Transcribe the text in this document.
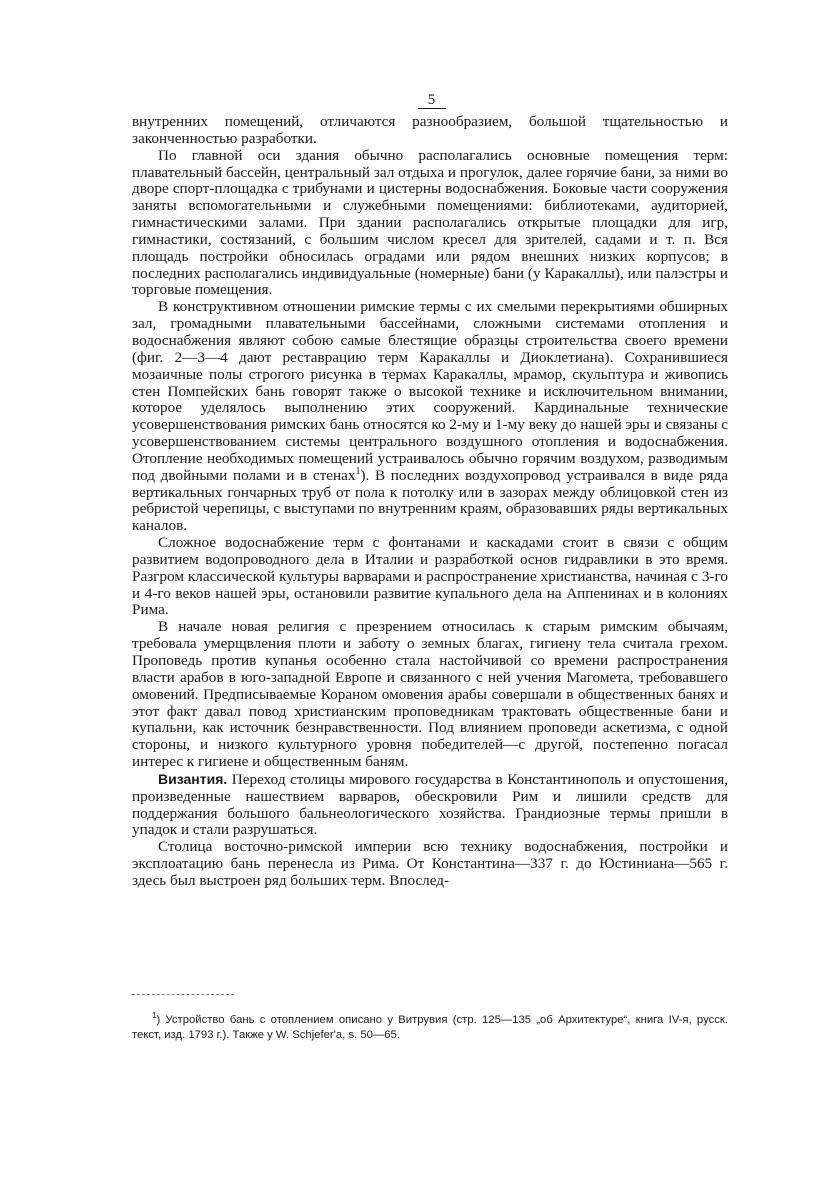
5

внутренних помещений, отличаются разнообразием, большой тщательностью и законченностью разработки.

По главной оси здания обычно располагались основные помещения терм: плавательный бассейн, центральный зал отдыха и прогулок, далее горячие бани, за ними во дворе спорт-площадка с трибунами и цистерны водоснабжения. Боковые части сооружения заняты вспомогательными и служебными помещениями: библиотеками, аудиторией, гимнастическими залами. При здании располагались открытые площадки для игр, гимнастики, состязаний, с большим числом кресел для зрителей, садами и т. п. Вся площадь постройки обносилась оградами или рядом внешних низких корпусов; в последних располагались индивидуальные (номерные) бани (у Каракаллы), или палэстры и торговые помещения.

В конструктивном отношении римские термы с их смелыми перекрытиями обширных зал, громадными плавательными бассейнами, сложными системами отопления и водоснабжения являют собою самые блестящие образцы строительства своего времени (фиг. 2—3—4 дают реставрацию терм Каракаллы и Диоклетиана). Сохранившиеся мозаичные полы строгого рисунка в термах Каракаллы, мрамор, скульптура и живопись стен Помпейских бань говорят также о высокой технике и исключительном внимании, которое уделялось выполнению этих сооружений. Кардинальные технические усовершенствования римских бань относятся ко 2-му и 1-му веку до нашей эры и связаны с усовершенствованием системы центрального воздушного отопления и водоснабжения. Отопление необходимых помещений устраивалось обычно горячим воздухом, разводимым под двойными полами и в стенах$^1$). В последних воздухопровод устраивался в виде ряда вертикальных гончарных труб от пола к потолку или в зазорах между облицовкой стен из ребристой черепицы, с выступами по внутренним краям, образовавших ряды вертикальных каналов.

Сложное водоснабжение терм с фонтанами и каскадами стоит в связи с общим развитием водопроводного дела в Италии и разработкой основ гидравлики в это время. Разгром классической культуры варварами и распространение христианства, начиная с 3-го и 4-го веков нашей эры, остановили развитие купального дела на Аппенинах и в колониях Рима.

В начале новая религия с презрением относилась к старым римским обычаям, требовала умерщвления плоти и заботу о земных благах, гигиену тела считала грехом. Проповедь против купанья особенно стала настойчивой со времени распространения власти арабов в юго-западной Европе и связанного с ней учения Магомета, требовавшего омовений. Предписываемые Кораном омовения арабы совершали в общественных банях и этот факт давал повод христианским проповедникам трактовать общественные бани и купальни, как источник безнравственности. Под влиянием проповеди аскетизма, с одной стороны, и низкого культурного уровня победителей—с другой, постепенно погасал интерес к гигиене и общественным баням.

Византия. Переход столицы мирового государства в Константинополь и опустошения, произведенные нашествием варваров, обескровили Рим и лишили средств для поддержания большого бальнеологического хозяйства. Грандиозные термы пришли в упадок и стали разрушаться.

Столица восточно-римской империи всю технику водоснабжения, постройки и эксплоатацию бань перенесла из Рима. От Константина—337 г. до Юстиниана—565 г. здесь был выстроен ряд больших терм. Впослед-

$^1$) Устройство бань с отоплением описано у Витрувия (стр. 125—135 „об Архитектуре“, книга IV-я, русск. текст, изд. 1793 г.). Также у W. Schjefer'a, s. 50—65.
